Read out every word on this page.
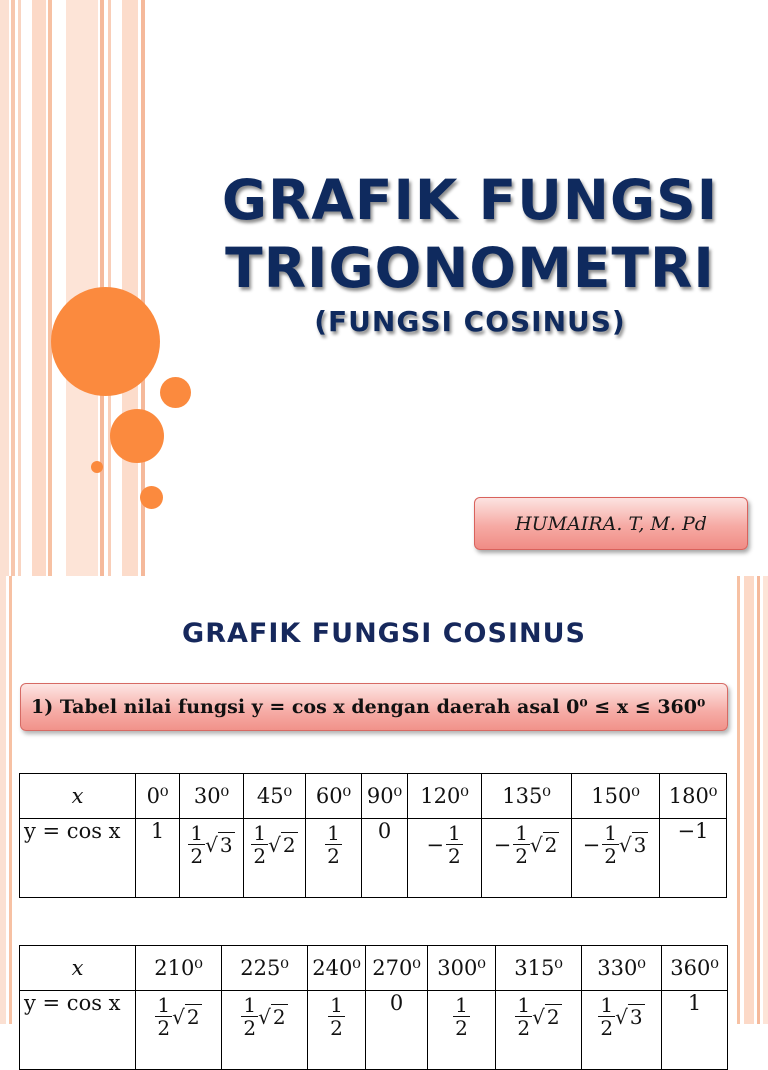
GRAFIK FUNGSI
TRIGONOMETRI
(FUNGSI COSINUS)
HUMAIRA. T, M. Pd
GRAFIK FUNGSI COSINUS
1) Tabel nilai fungsi y = cos x dengan daerah asal 0⁰ ≤ x ≤ 360⁰
x	0⁰	30⁰	45⁰	60⁰	90⁰	120⁰	135⁰	150⁰	180⁰
y = cos x	1	$\frac{1}{2}$ √ 3	$\frac{1}{2}$ √ 2	$\frac{1}{2}$	0	− $\frac{1}{2}$	− $\frac{1}{2}$ √ 2	− $\frac{1}{2}$ √ 3	−1
x	210⁰	225⁰	240⁰	270⁰	300⁰	315⁰	330⁰	360⁰
y = cos x	$\frac{1}{2}$ √ 2	$\frac{1}{2}$ √ 2	$\frac{1}{2}$	0	$\frac{1}{2}$	$\frac{1}{2}$ √ 2	$\frac{1}{2}$ √ 3	1
